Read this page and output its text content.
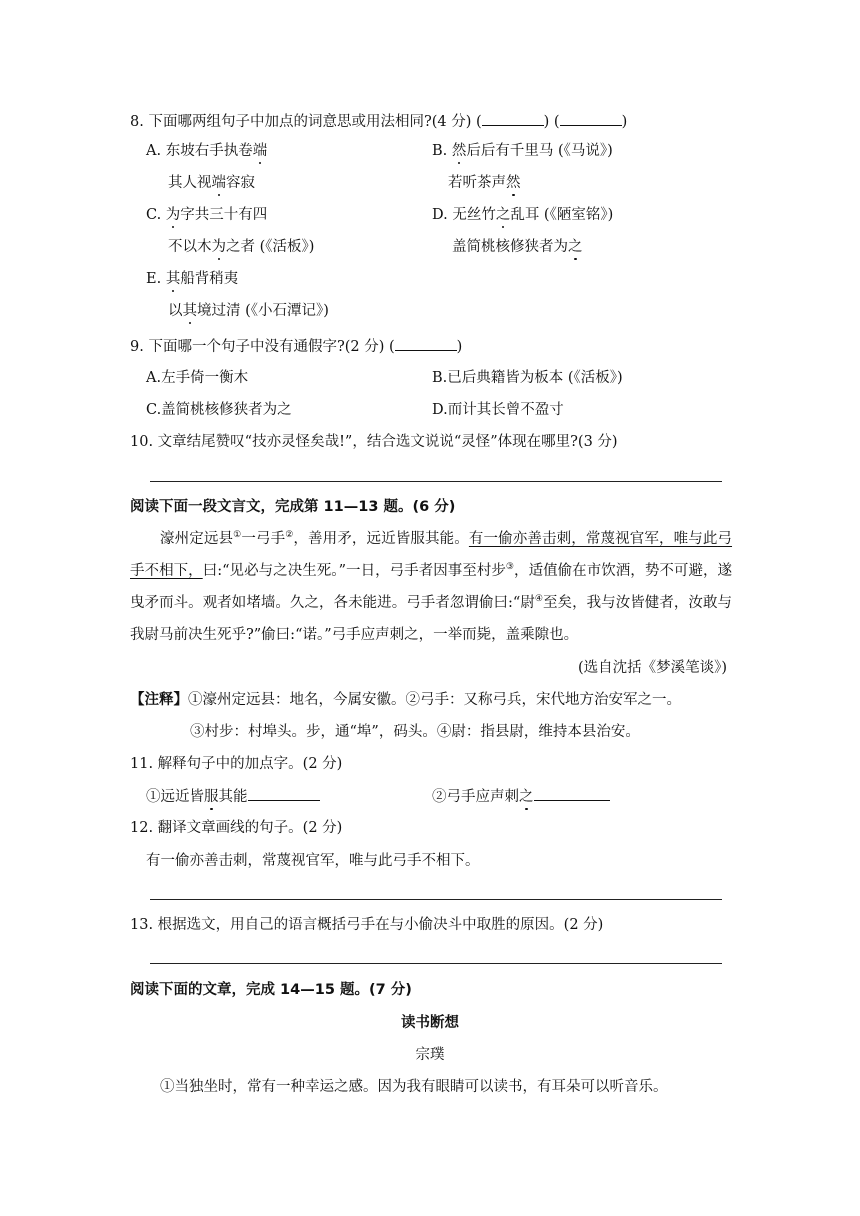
8. 下面哪两组句子中加点的词意思或用法相同?(4 分) (	) (	)
A. 东坡右手执卷端	B. 然后后有千里马 (《马说》)
其人视端容寂	若听茶声然
C. 为字共三十有四	D. 无丝竹之乱耳 (《陋室铭》)
不以木为之者 (《活板》)	盖简桃核修狭者为之
E. 其船背稍夷
以其境过清 (《小石潭记》)
9. 下面哪一个句子中没有通假字?(2 分) (	)
A.左手倚一衡木	B.已后典籍皆为板本 (《活板》)
C.盖简桃核修狭者为之	D.而计其长曾不盈寸
10. 文章结尾赞叹“技亦灵怪矣哉!”，结合选文说说“灵怪”体现在哪里?(3 分)
阅读下面一段文言文，完成第 11—13 题。(6 分)
濠州定远县①一弓手②，善用矛，远近皆服其能。有一偷亦善击刺，常蔑视官军，唯与此弓手不相下，曰:“见必与之决生死。”一日，弓手者因事至村步③，适值偷在市饮酒，势不可避，遂曳矛而斗。观者如堵墙。久之，各未能进。弓手者忽谓偷曰:“尉④至矣，我与汝皆健者，汝敢与我尉马前决生死乎?”偷曰:“诺。”弓手应声刺之，一举而毙，盖乘隙也。
(选自沈括《梦溪笔谈》)
【注释】①濠州定远县：地名，今属安徽。②弓手：又称弓兵，宋代地方治安军之一。
③村步：村埠头。步，通“埠”，码头。④尉：指县尉，维持本县治安。
11. 解释句子中的加点字。(2 分)
①远近皆服其能	②弓手应声刺之
12. 翻译文章画线的句子。(2 分)
有一偷亦善击刺，常蔑视官军，唯与此弓手不相下。
13. 根据选文，用自己的语言概括弓手在与小偷决斗中取胜的原因。(2 分)
阅读下面的文章，完成 14—15 题。(7 分)
读书断想
宗璞
①当独坐时，常有一种幸运之感。因为我有眼睛可以读书，有耳朵可以听音乐。
